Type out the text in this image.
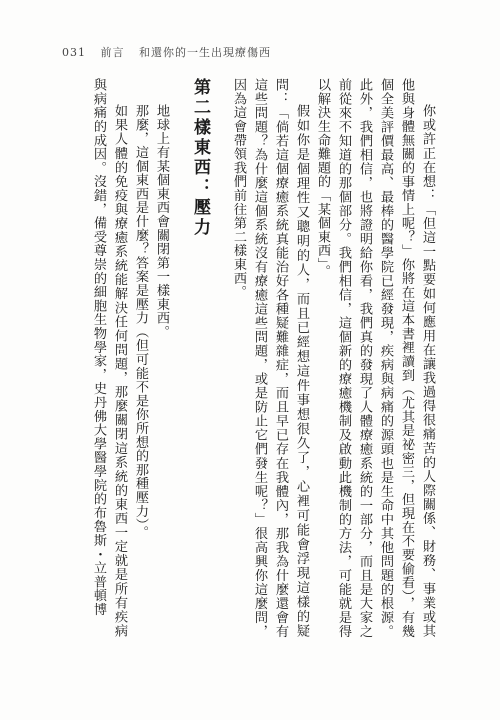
031 前言 和還你的一生出現療傷西

你或許正在想：「但這一點要如何應用在讓我過得很痛苦的人際關係、財務、事業或其他與身體無關的事情上呢？」你將在這本書裡讀到（尤其是祕密三，但現在不要偷看），有幾個全美評價最高、最棒的醫學院已經發現，疾病與病痛的源頭也是生命中其他問題的根源。此外，我們相信，也將證明給你看，我們真的發現了人體療癒系統的一部分，而且是大家之前從來不知道的那個部分。我們相信，這個新的療癒機制及啟動此機制的方法，可能就是得以解決生命難題的「某個東西」。

假如你是個理性又聰明的人，而且已經想這件事想很久了，心裡可能會浮現這樣的疑問：「倘若這個療癒系統真能治好各種疑難雜症，而且早已存在我體內，那我為什麼還會有這些問題？為什麼這個系統沒有療癒這些問題，或是防止它們發生呢？」很高興你這麼問，因為這會帶領我們前往第二樣東西。

第二樣東西：壓力

地球上有某個東西會關閉第一樣東西。

那麼，這個東西是什麼？答案是壓力（但可能不是你所想的那種壓力）。

如果人體的免疫與療癒系統能解決任何問題，那麼關閉這系統的東西一定就是所有疾病與病痛的成因。沒錯，備受尊崇的細胞生物學家，史丹佛大學醫學院的布魯斯・立普頓博
